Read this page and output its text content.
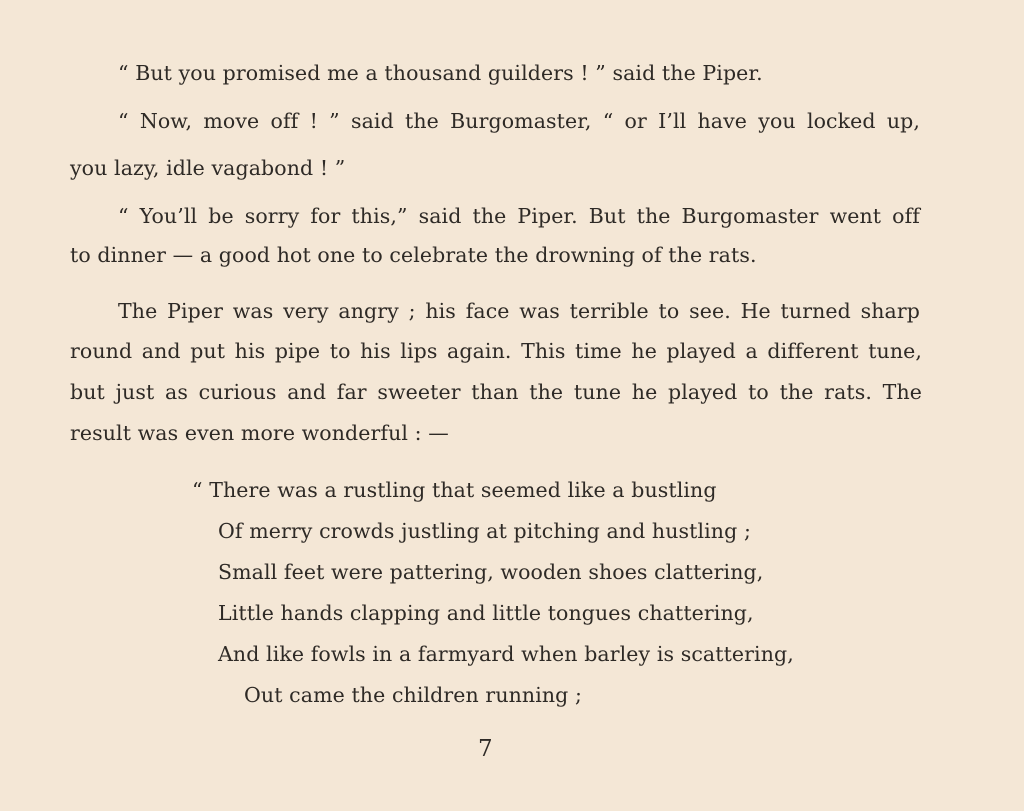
“ But you promised me a thousand guilders ! ” said the Piper.
“ Now, move off ! ” said the Burgomaster, “ or I’ll have you locked up,
you lazy, idle vagabond ! ”
“ You’ll be sorry for this,” said the Piper. But the Burgomaster went off
to dinner — a good hot one to celebrate the drowning of the rats.
The Piper was very angry ; his face was terrible to see. He turned sharp
round and put his pipe to his lips again. This time he played a different tune,
but just as curious and far sweeter than the tune he played to the rats. The
result was even more wonderful : —
“ There was a rustling that seemed like a bustling
Of merry crowds justling at pitching and hustling ;
Small feet were pattering, wooden shoes clattering,
Little hands clapping and little tongues chattering,
And like fowls in a farmyard when barley is scattering,
Out came the children running ;
7
